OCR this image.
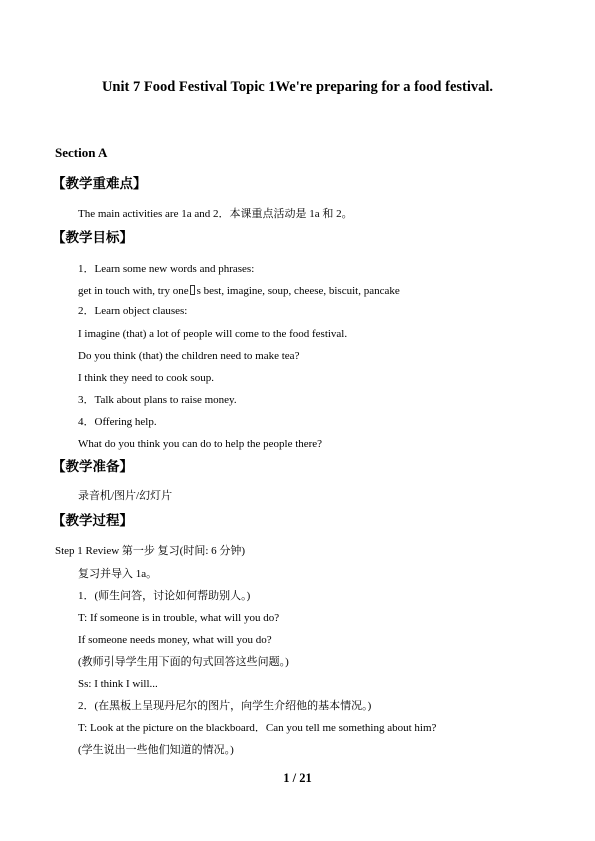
Unit 7 Food Festival Topic 1We're preparing for a food festival.
Section A
【教学重难点】
The main activities are 1a and 2．本课重点活动是 1a 和 2。
【教学目标】
1．Learn some new words and phrases:
get in touch with, try one s best, imagine, soup, cheese, biscuit, pancake
2．Learn object clauses:
I imagine (that) a lot of people will come to the food festival.
Do you think (that) the children need to make tea?
I think they need to cook soup.
3．Talk about plans to raise money.
4．Offering help.
What do you think you can do to help the people there?
【教学准备】
录音机/图片/幻灯片
【教学过程】
Step 1 Review 第一步 复习(时间: 6 分钟)
复习并导入 1a。
1．(师生问答，讨论如何帮助别人。)
T: If someone is in trouble, what will you do?
If someone needs money, what will you do?
(教师引导学生用下面的句式回答这些问题。)
Ss: I think I will...
2．(在黑板上呈现丹尼尔的图片，向学生介绍他的基本情况。)
T: Look at the picture on the blackboard．Can you tell me something about him?
(学生说出一些他们知道的情况。)
1 / 21
